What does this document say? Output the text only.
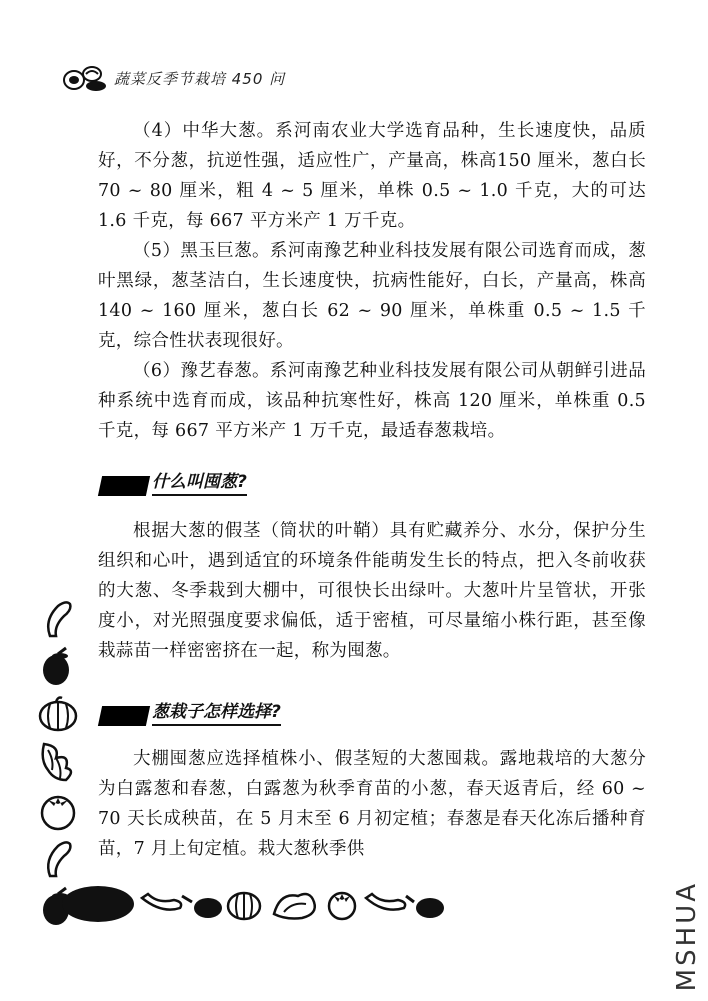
蔬菜反季节栽培 450 问

（4）中华大葱。系河南农业大学选育品种，生长速度快，品质好，不分葱，抗逆性强，适应性广，产量高，株高150 厘米，葱白长 70 ~ 80 厘米，粗 4 ~ 5 厘米，单株 0.5 ~ 1.0 千克，大的可达 1.6 千克，每 667 平方米产 1 万千克。

（5）黑玉巨葱。系河南豫艺种业科技发展有限公司选育而成，葱叶黑绿，葱茎洁白，生长速度快，抗病性能好，白长，产量高，株高 140 ~ 160 厘米，葱白长 62 ~ 90 厘米，单株重 0.5 ~ 1.5 千克，综合性状表现很好。

（6）豫艺春葱。系河南豫艺种业科技发展有限公司从朝鲜引进品种系统中选育而成，该品种抗寒性好，株高 120 厘米，单株重 0.5 千克，每 667 平方米产 1 万千克，最适春葱栽培。

什么叫囤葱?

根据大葱的假茎（筒状的叶鞘）具有贮藏养分、水分，保护分生组织和心叶，遇到适宜的环境条件能萌发生长的特点，把入冬前收获的大葱、冬季栽到大棚中，可很快长出绿叶。大葱叶片呈管状，开张度小，对光照强度要求偏低，适于密植，可尽量缩小株行距，甚至像栽蒜苗一样密密挤在一起，称为囤葱。

葱栽子怎样选择?

大棚囤葱应选择植株小、假茎短的大葱囤栽。露地栽培的大葱分为白露葱和春葱，白露葱为秋季育苗的小葱，春天返青后，经 60 ~ 70 天长成秧苗，在 5 月末至 6 月初定植；春葱是春天化冻后播种育苗，7 月上旬定植。栽大葱秋季供

MSHUA
